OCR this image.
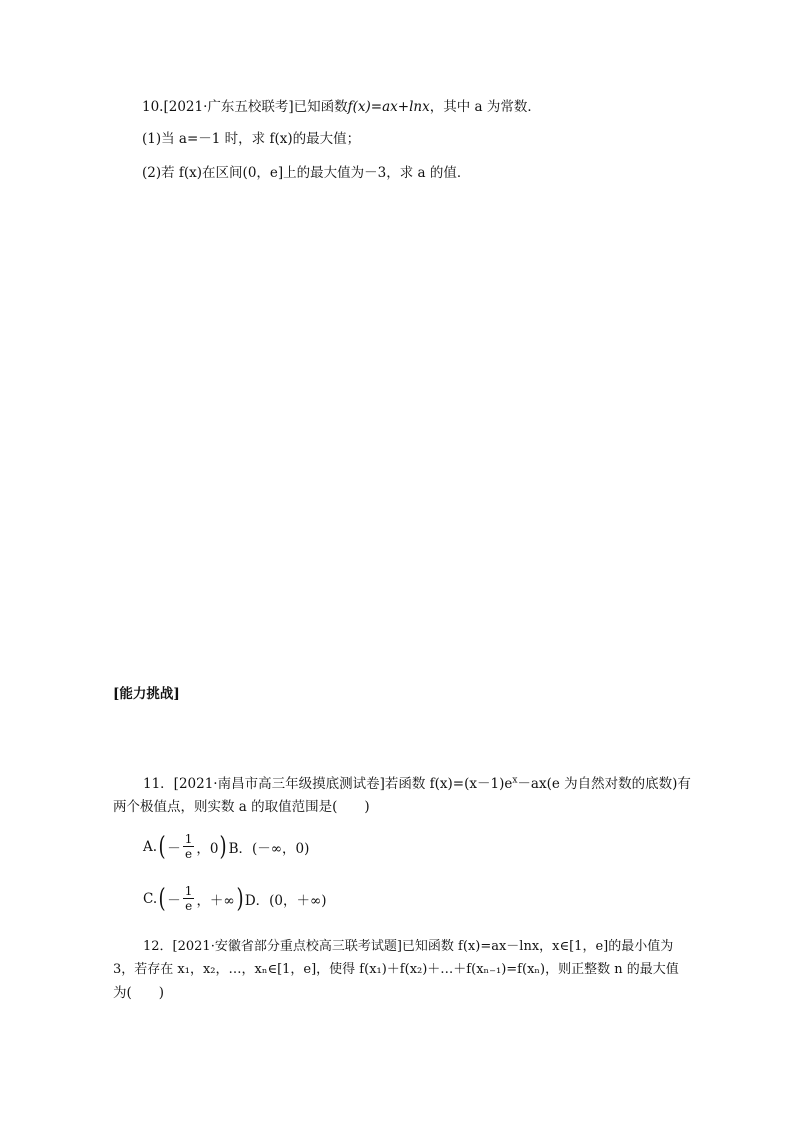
10.[2021·广东五校联考]已知函数f(x)=ax+lnx，其中 a 为常数．
(1)当 a=－1 时，求 f(x)的最大值；
(2)若 f(x)在区间(0，e]上的最大值为－3，求 a 的值．
[能力挑战]
11．[2021·南昌市高三年级摸底测试卷]若函数 $f(x)=(x-1)e^x-ax(e$ 为自然对数的底数)有
两个极值点，则实数 a 的取值范围是(　　)
A. ( － $\frac{1}{e}$ ，0 ) B．(－∞，0)
C. ( － $\frac{1}{e}$ ，＋∞ ) D．(0，＋∞)
12．[2021·安徽省部分重点校高三联考试题]已知函数 f(x)=ax－lnx，x∈[1，e]的最小值为
3，若存在 x₁，x₂，…，xₙ∈[1，e]，使得 f(x₁)＋f(x₂)＋…＋f(xₙ₋₁)=f(xₙ)，则正整数 n 的最大值
为(　　)
